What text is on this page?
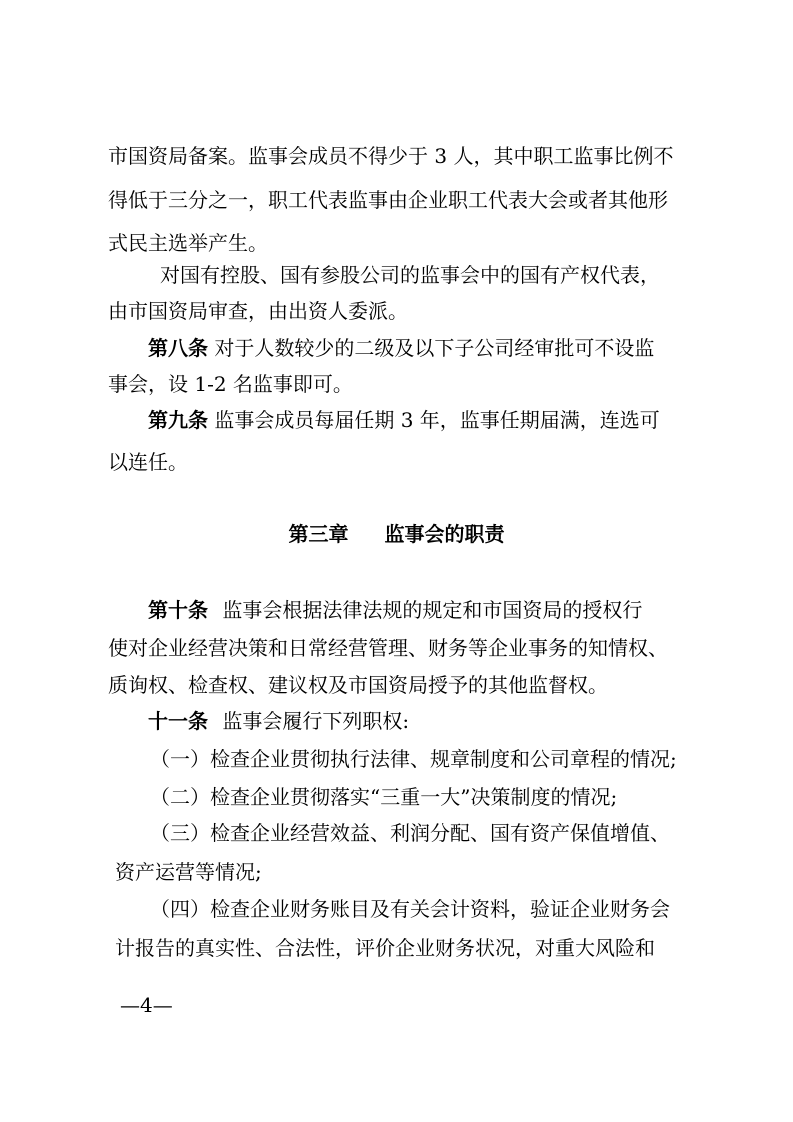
市国资局备案。监事会成员不得少于 3 人，其中职工监事比例不
得低于三分之一，职工代表监事由企业职工代表大会或者其他形
式民主选举产生。
对国有控股、国有参股公司的监事会中的国有产权代表，
由市国资局审查，由出资人委派。
第八条 对于人数较少的二级及以下子公司经审批可不设监
事会，设 1-2 名监事即可。
第九条 监事会成员每届任期 3 年，监事任期届满，连选可
以连任。
第三章 监事会的职责
第十条 监事会根据法律法规的规定和市国资局的授权行
使对企业经营决策和日常经营管理、财务等企业事务的知情权、
质询权、检查权、建议权及市国资局授予的其他监督权。
十一条 监事会履行下列职权:
（一）检查企业贯彻执行法律、规章制度和公司章程的情况;
（二）检查企业贯彻落实“三重一大”决策制度的情况;
（三）检查企业经营效益、利润分配、国有资产保值增值、
资产运营等情况;
（四）检查企业财务账目及有关会计资料，验证企业财务会
计报告的真实性、合法性，评价企业财务状况，对重大风险和
—4—
